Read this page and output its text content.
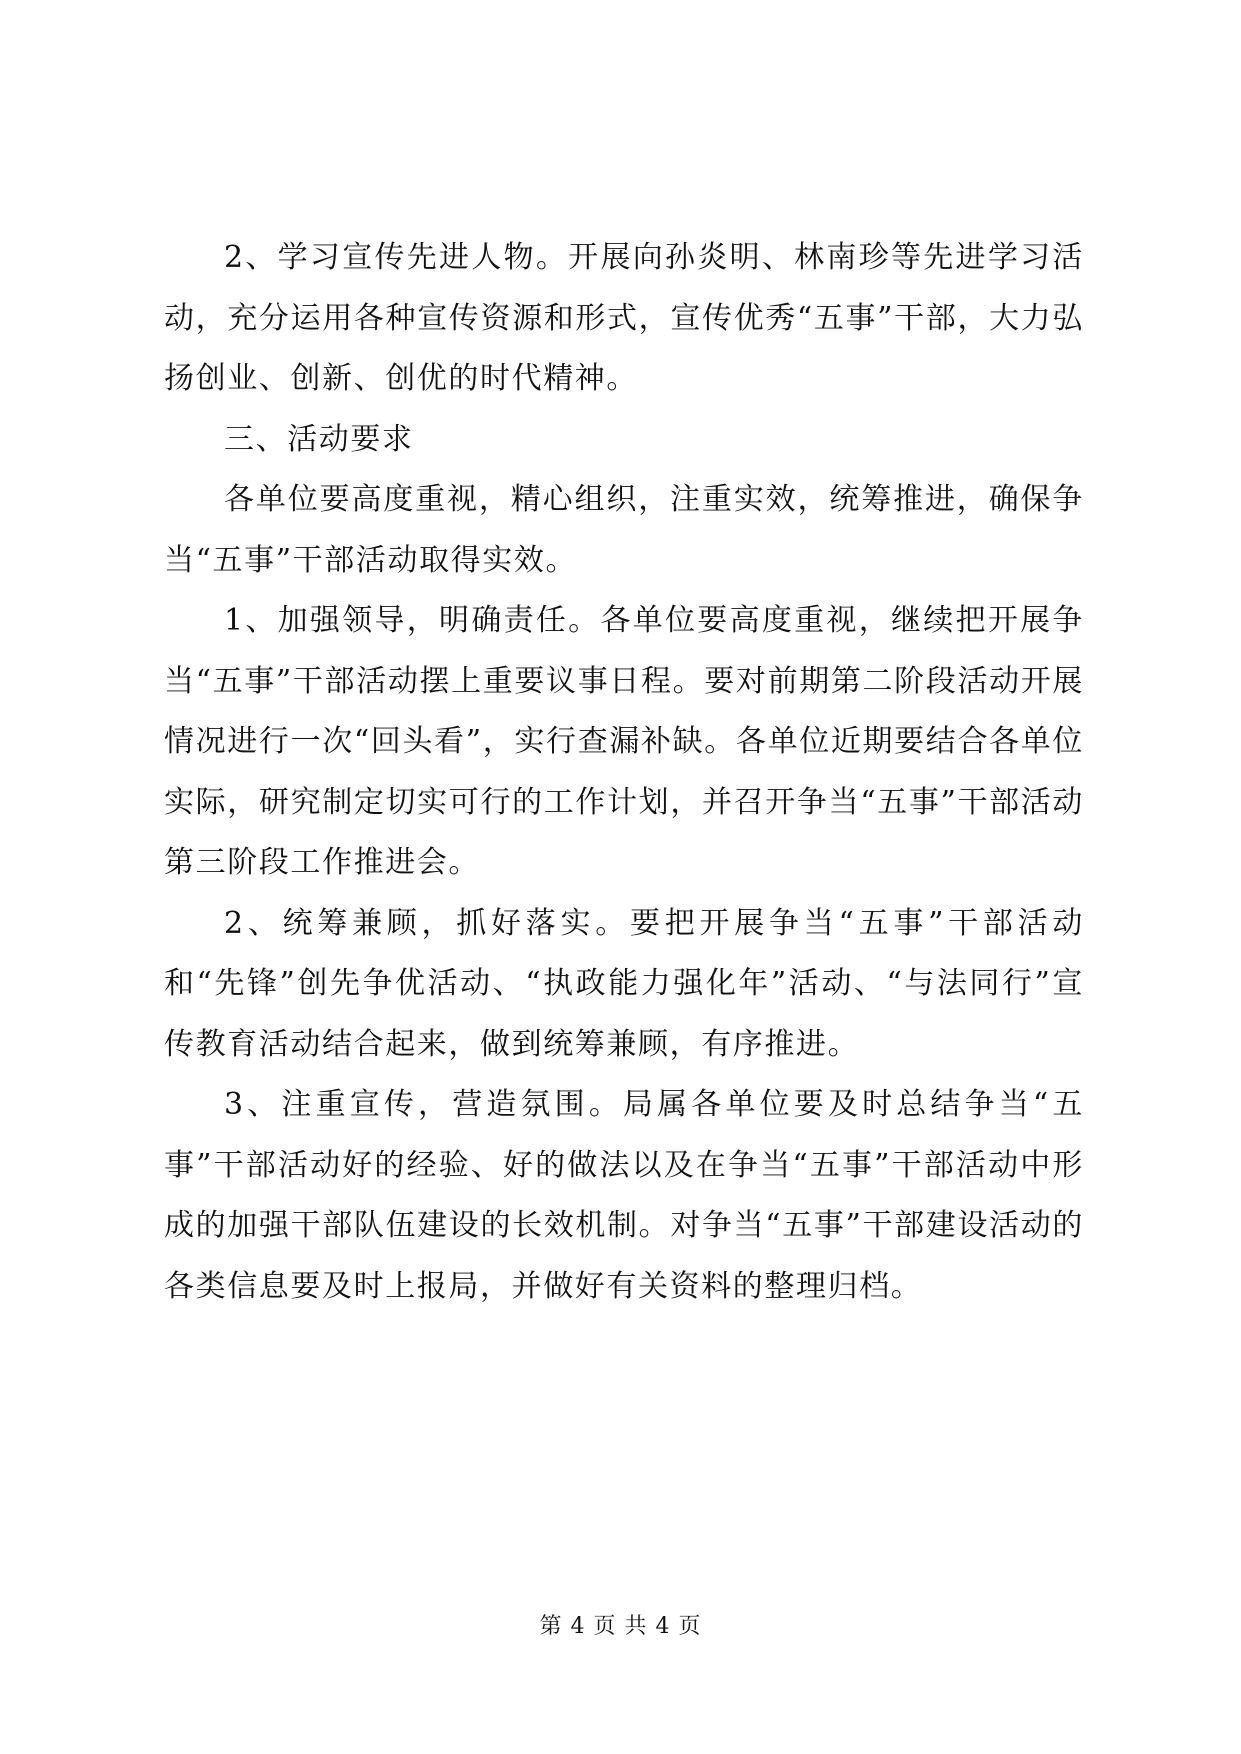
2、学习宣传先进人物。开展向孙炎明、林南珍等先进学习活动，充分运用各种宣传资源和形式，宣传优秀“五事”干部，大力弘扬创业、创新、创优的时代精神。

三、活动要求

各单位要高度重视，精心组织，注重实效，统筹推进，确保争当“五事”干部活动取得实效。

1、加强领导，明确责任。各单位要高度重视，继续把开展争当“五事”干部活动摆上重要议事日程。要对前期第二阶段活动开展情况进行一次“回头看”，实行查漏补缺。各单位近期要结合各单位实际，研究制定切实可行的工作计划，并召开争当“五事”干部活动第三阶段工作推进会。

2、统筹兼顾，抓好落实。要把开展争当“五事”干部活动和“先锋”创先争优活动、“执政能力强化年”活动、“与法同行”宣传教育活动结合起来，做到统筹兼顾，有序推进。

3、注重宣传，营造氛围。局属各单位要及时总结争当“五事”干部活动好的经验、好的做法以及在争当“五事”干部活动中形成的加强干部队伍建设的长效机制。对争当“五事”干部建设活动的各类信息要及时上报局，并做好有关资料的整理归档。

第 4 页 共 4 页
